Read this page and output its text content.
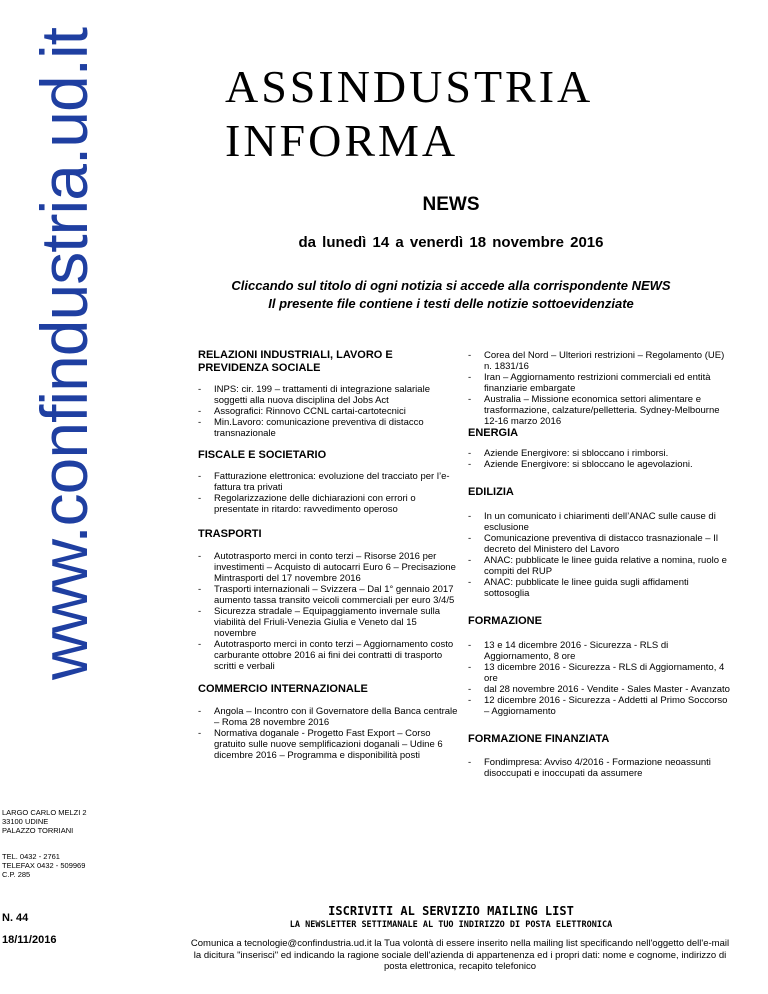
www.confindustria.ud.it
LARGO CARLO MELZI 2
33100 UDINE
PALAZZO TORRIANI
TEL. 0432 - 2761
TELEFAX 0432 - 509969
C.P. 285
N. 44
18/11/2016
ASSINDUSTRIA
INFORMA
NEWS
da lunedì 14 a venerdì 18 novembre 2016
Cliccando sul titolo di ogni notizia si accede alla corrispondente NEWS
Il presente file contiene i testi delle notizie sottoevidenziate
RELAZIONI INDUSTRIALI, LAVORO E PREVIDENZA SOCIALE
- INPS: cir. 199 – trattamenti di integrazione salariale soggetti alla nuova disciplina del Jobs Act
- Assografici: Rinnovo CCNL cartai-cartotecnici
- Min.Lavoro: comunicazione preventiva di distacco transnazionale
FISCALE E SOCIETARIO
- Fatturazione elettronica: evoluzione del tracciato per l’e-fattura tra privati
- Regolarizzazione delle dichiarazioni con errori o presentate in ritardo: ravvedimento operoso
TRASPORTI
- Autotrasporto merci in conto terzi – Risorse 2016 per investimenti – Acquisto di autocarri Euro 6 – Precisazione Mintrasporti del 17 novembre 2016
- Trasporti internazionali – Svizzera – Dal 1° gennaio 2017 aumento tassa transito veicoli commerciali per euro 3/4/5
- Sicurezza stradale – Equipaggiamento invernale sulla viabilità del Friuli-Venezia Giulia e Veneto dal 15 novembre
- Autotrasporto merci in conto terzi – Aggiornamento costo carburante ottobre 2016 ai fini dei contratti di trasporto scritti e verbali
COMMERCIO INTERNAZIONALE
- Angola – Incontro con il Governatore della Banca centrale – Roma 28 novembre 2016
- Normativa doganale - Progetto Fast Export – Corso gratuito sulle nuove semplificazioni doganali – Udine 6 dicembre 2016 – Programma e disponibilità posti
- Corea del Nord – Ulteriori restrizioni – Regolamento (UE) n. 1831/16
- Iran – Aggiornamento restrizioni commerciali ed entità finanziarie embargate
- Australia – Missione economica settori alimentare e trasformazione, calzature/pelletteria. Sydney-Melbourne 12-16 marzo 2016
ENERGIA
- Aziende Energivore: si sbloccano i rimborsi.
- Aziende Energivore: si sbloccano le agevolazioni.
EDILIZIA
- In un comunicato i chiarimenti dell’ANAC sulle cause di esclusione
- Comunicazione preventiva di distacco trasnazionale – Il decreto del Ministero del Lavoro
- ANAC: pubblicate le linee guida relative a nomina, ruolo e compiti del RUP
- ANAC: pubblicate le linee guida sugli affidamenti sottosoglia
FORMAZIONE
- 13 e 14 dicembre 2016 - Sicurezza - RLS di Aggiornamento, 8 ore
- 13 dicembre 2016 - Sicurezza - RLS di Aggiornamento, 4 ore
- dal 28 novembre 2016 - Vendite - Sales Master - Avanzato
- 12 dicembre 2016 - Sicurezza - Addetti al Primo Soccorso – Aggiornamento
FORMAZIONE FINANZIATA
- Fondimpresa: Avviso 4/2016 - Formazione neoassunti disoccupati e inoccupati da assumere
ISCRIVITI AL SERVIZIO MAILING LIST
LA NEWSLETTER SETTIMANALE AL TUO INDIRIZZO DI POSTA ELETTRONICA
Comunica a tecnologie@confindustria.ud.it la Tua volontà di essere inserito nella mailing list specificando nell'oggetto dell'e-mail la dicitura "inserisci" ed indicando la ragione sociale dell'azienda di appartenenza ed i propri dati: nome e cognome, indirizzo di posta elettronica, recapito telefonico
